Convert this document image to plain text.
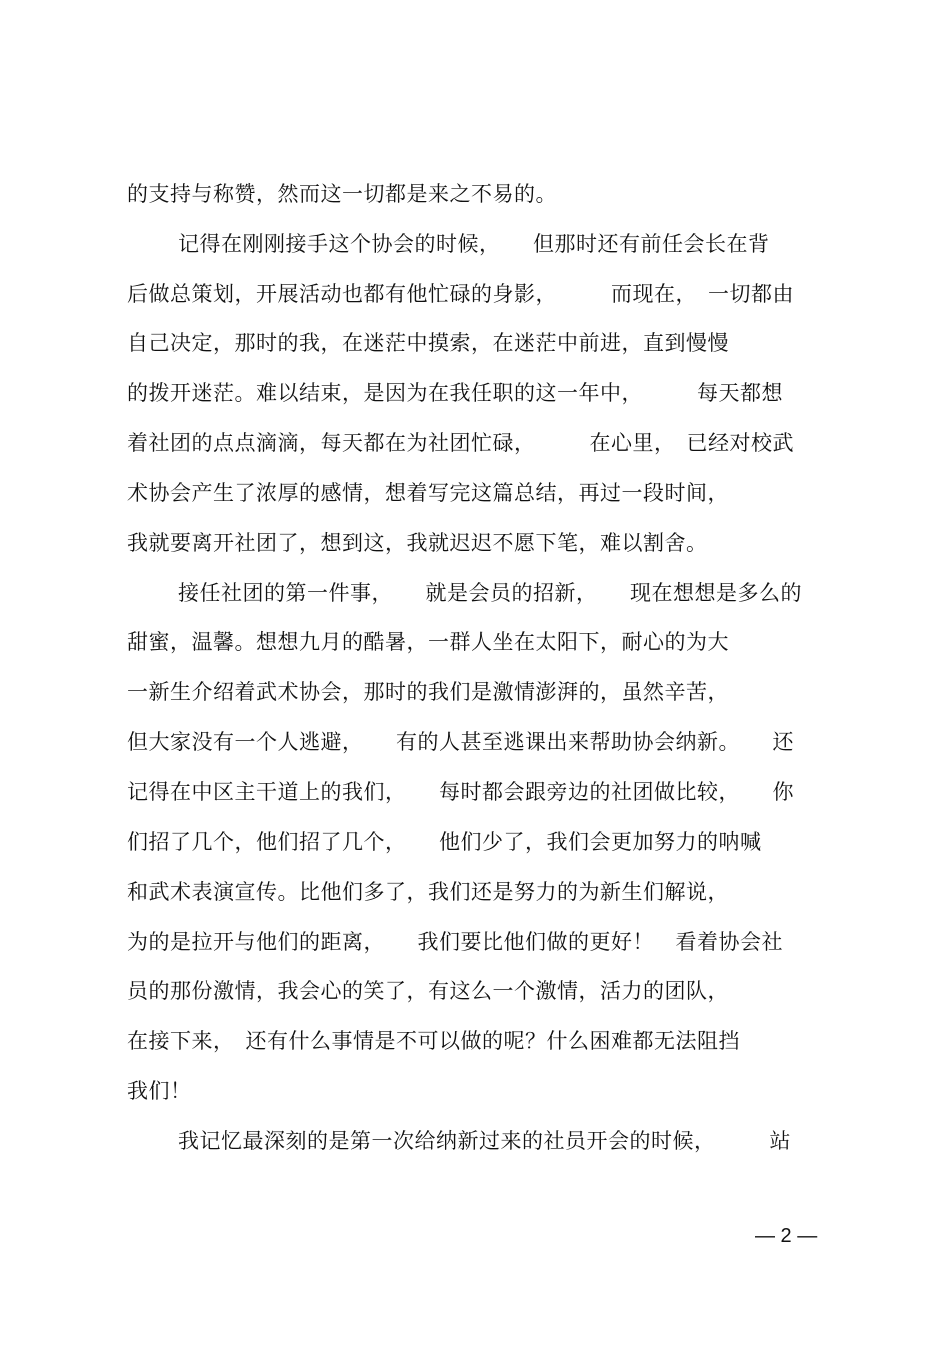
的支持与称赞，然而这一切都是来之不易的。
记得在刚刚接手这个协会的时候，　　但那时还有前任会长在背
后做总策划，开展活动也都有他忙碌的身影，　　　而现在，　一切都由
自己决定，那时的我，在迷茫中摸索，在迷茫中前进，直到慢慢
的拨开迷茫。难以结束，是因为在我任职的这一年中，　　　每天都想
着社团的点点滴滴，每天都在为社团忙碌，　　　在心里，　已经对校武
术协会产生了浓厚的感情，想着写完这篇总结，再过一段时间，
我就要离开社团了，想到这，我就迟迟不愿下笔，难以割舍。
接任社团的第一件事，　　就是会员的招新，　　现在想想是多么的
甜蜜，温馨。想想九月的酷暑，一群人坐在太阳下，耐心的为大
一新生介绍着武术协会，那时的我们是激情澎湃的，虽然辛苦，
但大家没有一个人逃避，　　有的人甚至逃课出来帮助协会纳新。　　还
记得在中区主干道上的我们，　　每时都会跟旁边的社团做比较，　　你
们招了几个，他们招了几个，　　他们少了，我们会更加努力的呐喊
和武术表演宣传。比他们多了，我们还是努力的为新生们解说，
为的是拉开与他们的距离，　　我们要比他们做的更好！　看着协会社
员的那份激情，我会心的笑了，有这么一个激情，活力的团队，
在接下来，　还有什么事情是不可以做的呢？什么困难都无法阻挡
我们！
我记忆最深刻的是第一次给纳新过来的社员开会的时候，　　　站
— 2 —
